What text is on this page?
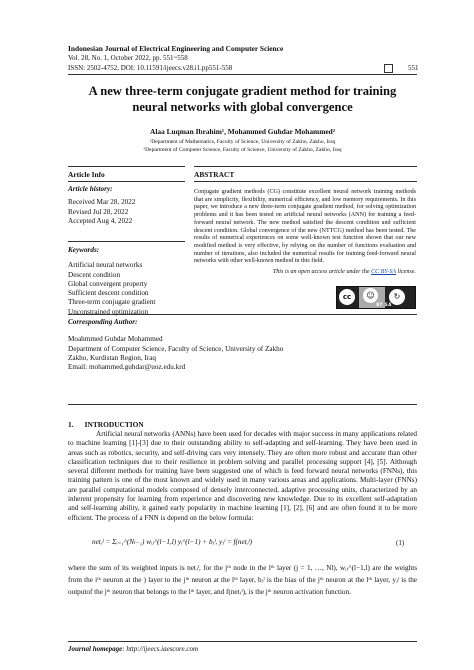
Indonesian Journal of Electrical Engineering and Computer Science
Vol. 28, No. 1, October 2022, pp. 551~558
ISSN: 2502-4752, DOI: 10.11591/ijeecs.v28.i1.pp551-558	551
A new three-term conjugate gradient method for training
neural networks with global convergence
Alaa Luqman Ibrahim¹, Mohammed Guhdar Mohammed²
¹Department of Mathematics, Faculty of Science, University of Zakho, Zakho, Iraq
²Department of Computer Science, Faculty of Science, University of Zakho, Zakho, Iraq
Article Info	ABSTRACT
Article history:
Received Mar 28, 2022
Revised Jul 28, 2022
Accepted Aug 4, 2022
Keywords:
Artificial neural networks
Descent condition
Global convergent property
Sufficient descent condition
Three-term conjugate gradient
Unconstrained optimization
Conjugate gradient methods (CG) constitute excellent neural network training methods that are simplicity, flexibility, numerical efficiency, and low memory requirements. In this paper, we introduce a new three-term conjugate gradient method, for solving optimization problems and it has been tested on artificial neural networks (ANN) for training a feed-forward neural network. The new method satisfied the descent condition and sufficient descent condition. Global convergence of the new (NTTCG) method has been tested. The results of numerical experiences on some well-known test function shown that our new modified method is very effective, by relying on the number of functions evaluation and number of iterations, also included the numerical results for training feed-forward neural networks with other well-known method in this field.
This is an open access article under the CC BY-SA license.
cc	☺	↻
BY SA
Corresponding Author:
Moahmmed Guhdar Mohammed
Department of Computer Science, Faculty of Science, University of Zakho
Zakho, Kurdistan Region, Iraq
Email: mohammed.guhdar@uoz.edu.krd
1.      INTRODUCTION
Artificial neural networks (ANNs) have been used for decades with major success in many applications related to machine learning [1]-[3] due to their outstanding ability to self-adapting and self-learning. They have been used in areas such as robotics, security, and self-driving cars very intensely. They are often more robust and accurate than other classification techniques due to their resilience in problem solving and parallel processing support [4], [5]. Although several different methods for training have been suggested one of which is feed forward neural networks (FNNs), this training pattern is one of the most known and widely used in many various areas and applications. Multi-layer (FNNs) are parallel computational models composed of densely interconnected, adaptive processing units, characterized by an inherent propensity for learning from experience and discovering new knowledge. Due to its excellent self-adaptation and self-learning ability, it gained early popularity in machine learning [1], [2], [6] and are often found it to be more efficient. The process of a FNN is depend on the below formula:
netⱼˡ = Σᵢ₌₁^(Nₗ₋₁) wᵢⱼ^(l−1,l) yᵢ^(l−1) + bⱼˡ, yⱼˡ = f(netⱼˡ)	(1)
where the sum of its weighted inputs is netⱼˡ, for the jᵗʰ node in the lᵗʰ layer (j = 1, …, Nl), wᵢⱼ^(l−1,l) are the weights from the iᵗʰ neuron at the ) layer to the jᵗʰ neuron at the lᵗʰ layer, bⱼˡ is the bias of the jᵗʰ neuron at the lᵗʰ layer, yⱼˡ is the outputof the jᵗʰ neuron that belongs to the lᵗʰ layer, and f(netⱼˡ), is the jᵗʰ neuron activation function.
Journal homepage: http://ijeecs.iaescore.com
